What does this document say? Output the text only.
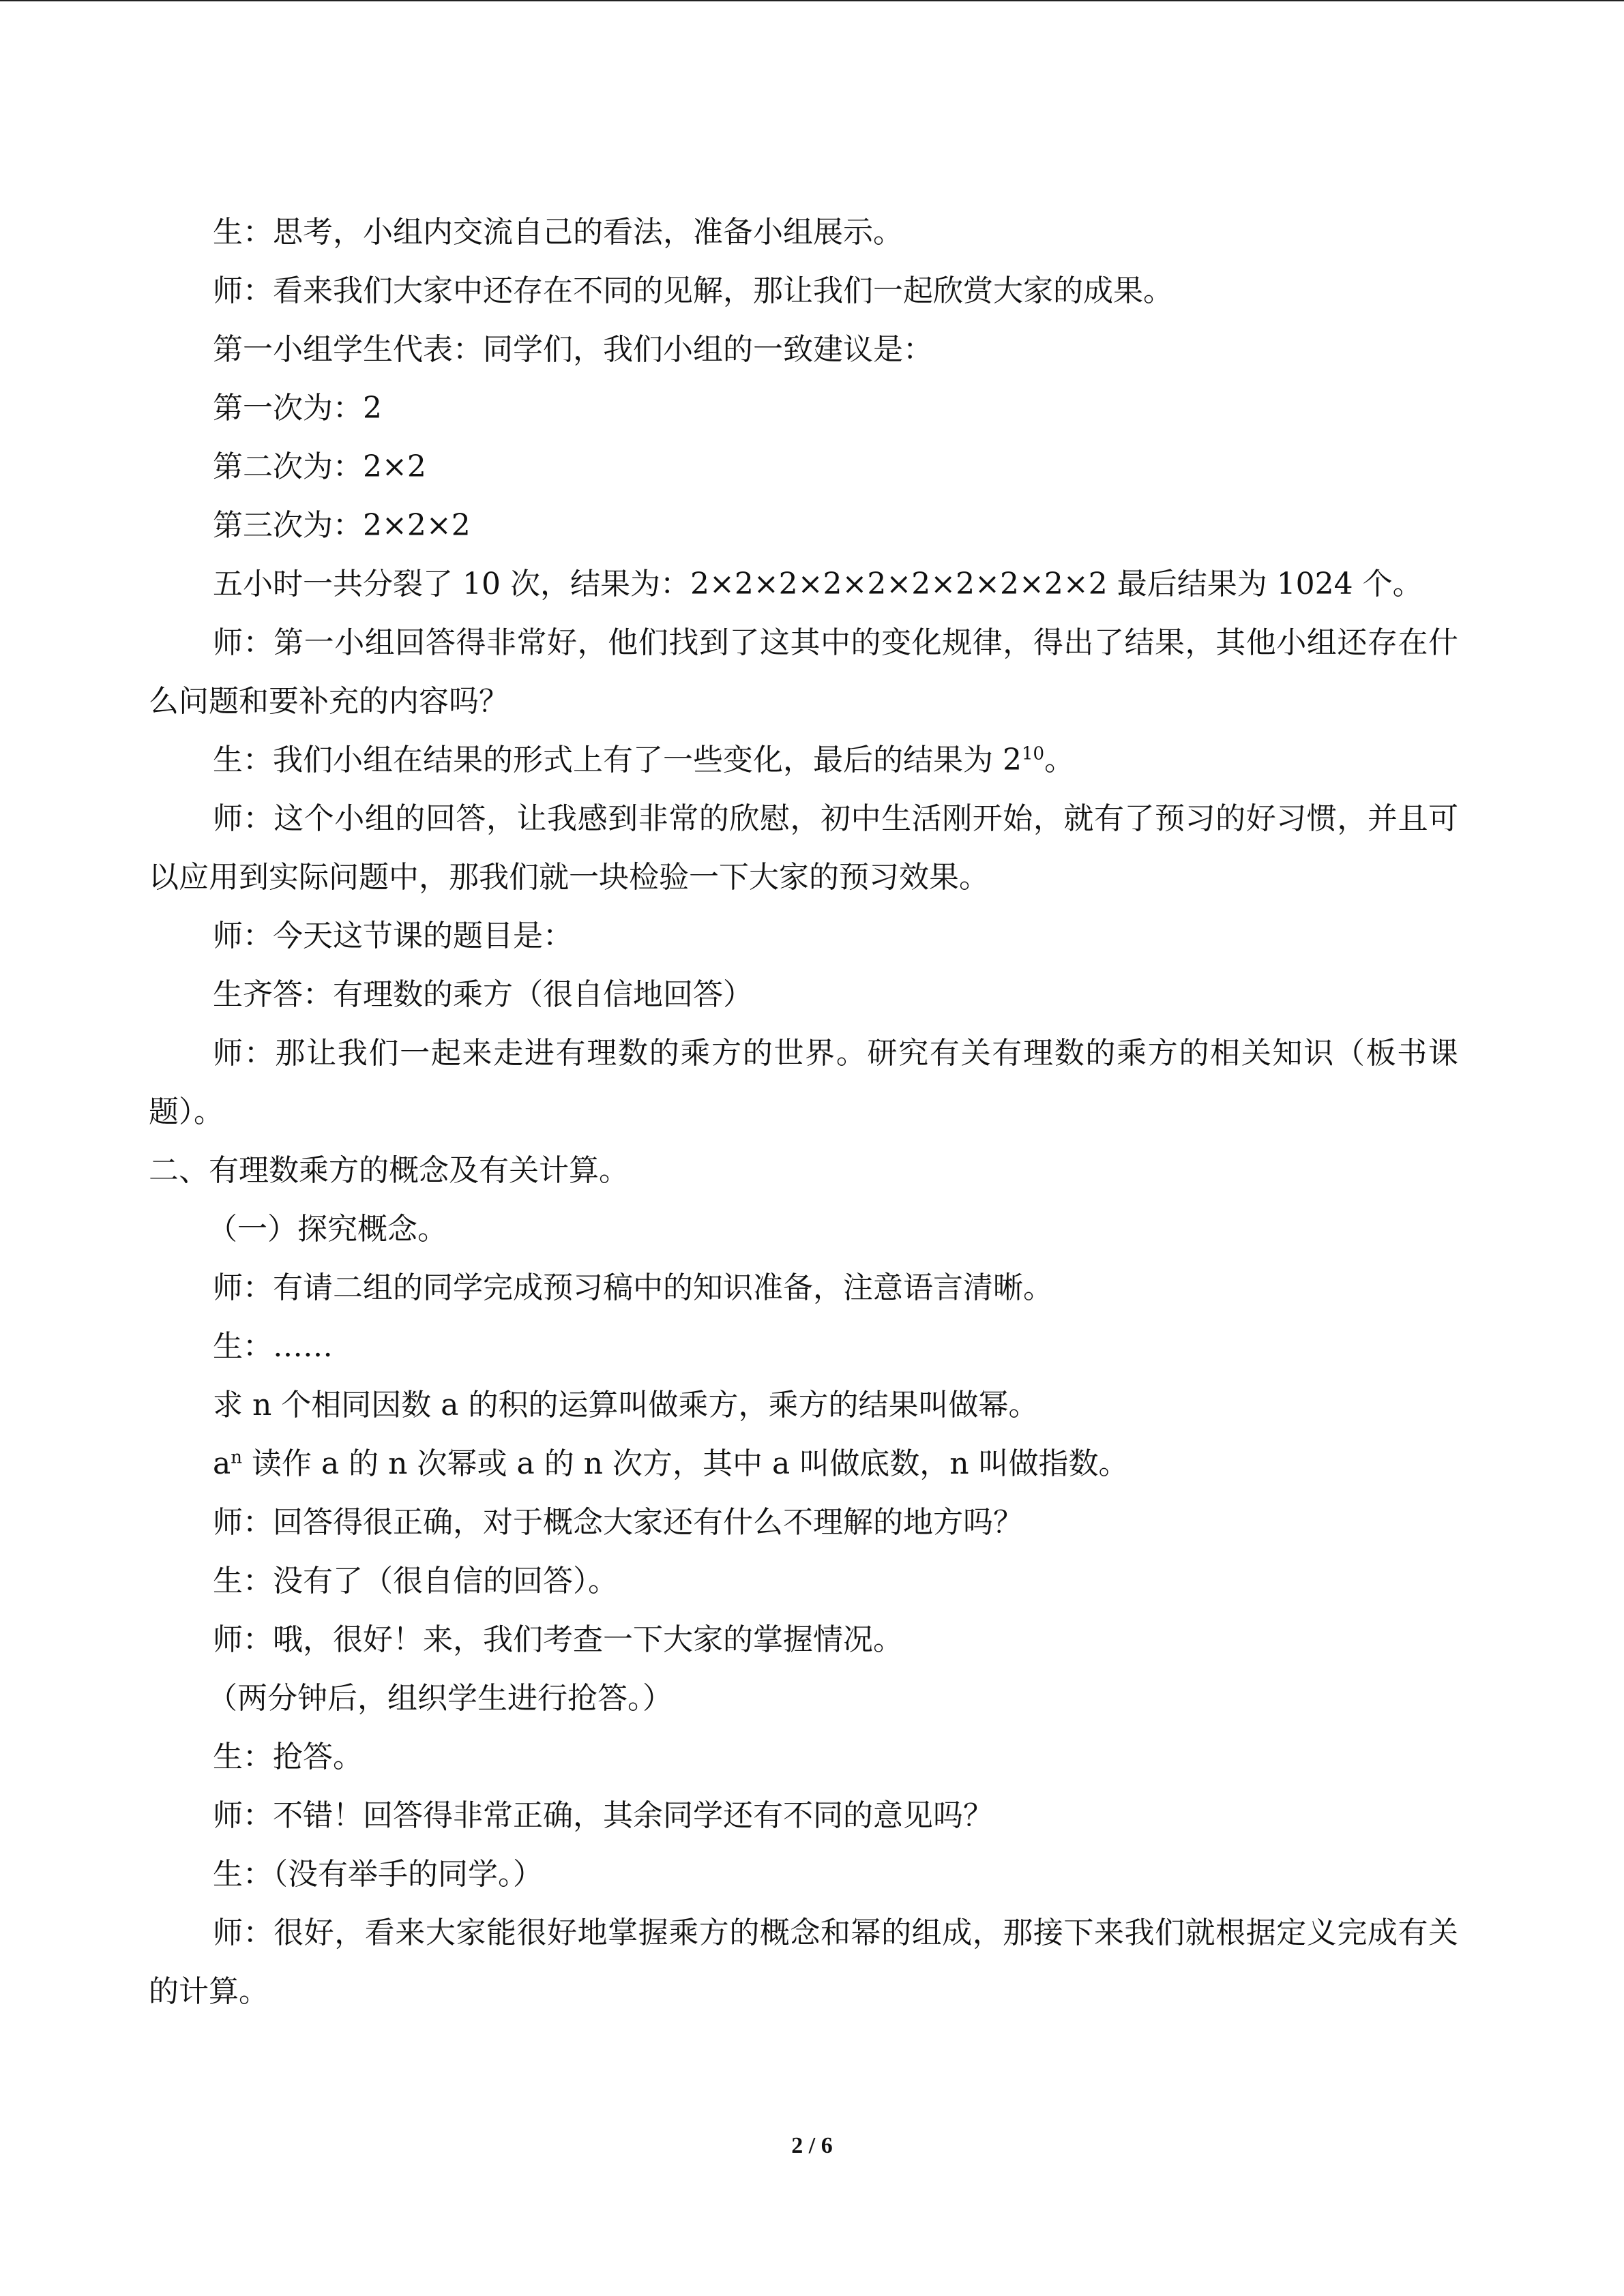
生：思考，小组内交流自己的看法，准备小组展示。

师：看来我们大家中还存在不同的见解，那让我们一起欣赏大家的成果。

第一小组学生代表：同学们，我们小组的一致建议是：

第一次为：2

第二次为：2×2

第三次为：2×2×2

五小时一共分裂了 10 次，结果为：2×2×2×2×2×2×2×2×2×2 最后结果为 1024 个。

师：第一小组回答得非常好，他们找到了这其中的变化规律，得出了结果，其他小组还存在什么问题和要补充的内容吗？

生：我们小组在结果的形式上有了一些变化，最后的结果为 $2^{10}$。

师：这个小组的回答，让我感到非常的欣慰，初中生活刚开始，就有了预习的好习惯，并且可以应用到实际问题中，那我们就一块检验一下大家的预习效果。

师：今天这节课的题目是：

生齐答：有理数的乘方（很自信地回答）

师：那让我们一起来走进有理数的乘方的世界。研究有关有理数的乘方的相关知识（板书课题）。

二、有理数乘方的概念及有关计算。

（一）探究概念。

师：有请二组的同学完成预习稿中的知识准备，注意语言清晰。

生：……

求 n 个相同因数 a 的积的运算叫做乘方，乘方的结果叫做幂。

$a^n$ 读作 a 的 n 次幂或 a 的 n 次方，其中 a 叫做底数，n 叫做指数。

师：回答得很正确，对于概念大家还有什么不理解的地方吗？

生：没有了（很自信的回答）。

师：哦，很好！来，我们考查一下大家的掌握情况。

（两分钟后，组织学生进行抢答。）

生：抢答。

师：不错！回答得非常正确，其余同学还有不同的意见吗？

生：（没有举手的同学。）

师：很好，看来大家能很好地掌握乘方的概念和幂的组成，那接下来我们就根据定义完成有关的计算。

2 / 6
